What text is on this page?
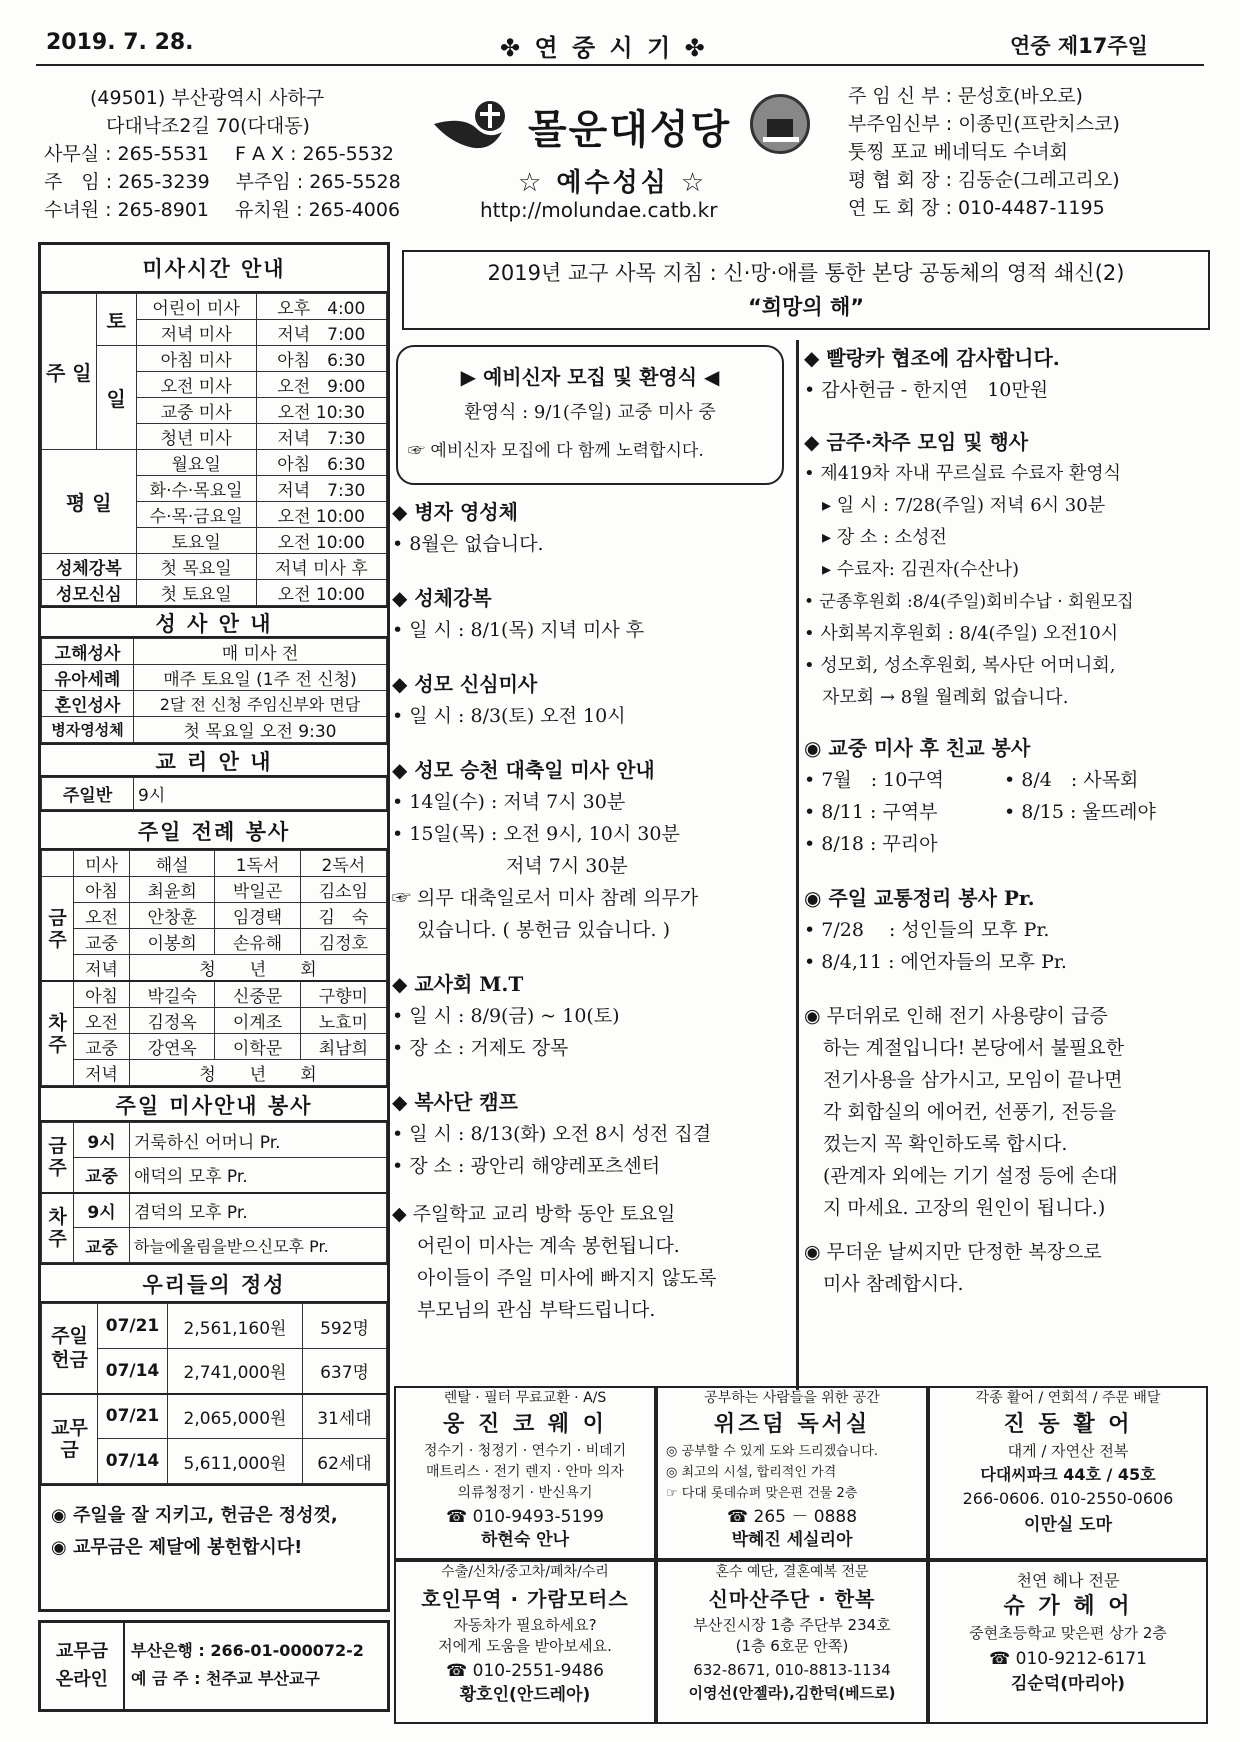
2019. 7. 28.	✤ 연 중 시 기 ✤	연중 제17주일
(49501) 부산광역시 사하구
다대낙조2길 70(다대동)
사무실 : 265-5531 F A X : 265-5532
주　임 : 265-3239 부주임 : 265-5528
수녀원 : 265-8901 유치원 : 265-4006
몰운대성당
☆ 예수성심 ☆
http://molundae.catb.kr
주 임 신 부 : 문성호(바오로)
부주임신부 : 이종민(프란치스코)
툿찡 포교 베네딕도 수녀회
평 협 회 장 : 김동순(그레고리오)
연 도 회 장 : 010-4487-1195
미사시간 안내
주 일	토	어린이 미사	오후　4:00
		저녁 미사	저녁　7:00
	일	아침 미사	아침　6:30
		오전 미사	오전　9:00
		교중 미사	오전 10:30
		청년 미사	저녁　7:30
평 일		월요일	아침　6:30
		화·수·목요일	저녁　7:30
		수·목·금요일	오전 10:00
		토요일	오전 10:00
성체강복		첫 목요일	저녁 미사 후
성모신심		첫 토요일	오전 10:00
성 사 안 내
고해성사	매 미사 전
유아세례	매주 토요일 (1주 전 신청)
혼인성사	2달 전 신청 주임신부와 면담
병자영성체	첫 목요일 오전 9:30
교 리 안 내
주일반	9시
주일 전례 봉사
	미사	해설	1독서	2독서
금주	아침	최윤희	박일곤	김소임
	오전	안창훈	임경택	김　숙
	교중	이봉희	손유해	김정호
	저녁	청　　년　　회		
차주	아침	박길숙	신중문	구향미
	오전	김정옥	이계조	노효미
	교중	강연옥	이학문	최남희
	저녁	청　　년　　회		
주일 미사안내 봉사
금주	9시	거룩하신 어머니 Pr.
	교중	애덕의 모후 Pr.
차주	9시	겸덕의 모후 Pr.
	교중	하늘에올림을받으신모후 Pr.
우리들의 정성
주일헌금	07/21	2,561,160원	592명
	07/14	2,741,000원	637명
교무금	07/21	2,065,000원	31세대
	07/14	5,611,000원	62세대
◉ 주일을 잘 지키고, 헌금은 정성껏,
◉ 교무금은 제달에 봉헌합시다!
교무금
온라인
부산은행 : 266-01-000072-2
예 금 주 : 천주교 부산교구
2019년 교구 사목 지침 : 신·망·애를 통한 본당 공동체의 영적 쇄신(2)
“희망의 해”
▶ 예비신자 모집 및 환영식 ◀
환영식 : 9/1(주일) 교중 미사 중
☞ 예비신자 모집에 다 함께 노력합시다.
◆ 병자 영성체
• 8월은 없습니다.
◆ 성체강복
• 일 시 : 8/1(목) 지녁 미사 후
◆ 성모 신심미사
• 일 시 : 8/3(토) 오전 10시
◆ 성모 승천 대축일 미사 안내
• 14일(수) : 저녁 7시 30분
• 15일(목) : 오전 9시, 10시 30분
　　　　　　저녁 7시 30분
☞ 의무 대축일로서 미사 참례 의무가
　 있습니다. ( 봉헌금 있습니다. )
◆ 교사회 M.T
• 일 시 : 8/9(금) ~ 10(토)
• 장 소 : 거제도 장목
◆ 복사단 캠프
• 일 시 : 8/13(화) 오전 8시 성전 집결
• 장 소 : 광안리 해양레포츠센터
◆ 주일학교 교리 방학 동안 토요일
　 어린이 미사는 계속 봉헌됩니다.
　 아이들이 주일 미사에 빠지지 않도록
　 부모님의 관심 부탁드립니다.
◆ 빨랑카 협조에 감사합니다.
• 감사헌금 - 한지연　10만원
◆ 금주·차주 모임 및 행사
• 제419차 자내 꾸르실료 수료자 환영식
　▸ 일 시 : 7/28(주일) 저녁 6시 30분
　▸ 장 소 : 소성전
　▸ 수료자: 김권자(수산나)
• 군종후원회 :8/4(주일)회비수납 · 회원모집
• 사회복지후원회 : 8/4(주일) 오전10시
• 성모회, 성소후원회, 복사단 어머니회,
　자모회 → 8월 월례회 없습니다.
◉ 교중 미사 후 친교 봉사
• 7월　: 10구역	• 8/4　: 사목회
• 8/11 : 구역부	• 8/15 : 울뜨레야
• 8/18 : 꾸리아
◉ 주일 교통정리 봉사 Pr.
• 7/28　 : 성인들의 모후 Pr.
• 8/4,11 : 에언자들의 모후 Pr.
◉ 무더위로 인해 전기 사용량이 급증
　하는 계절입니다! 본당에서 불필요한
　전기사용을 삼가시고, 모임이 끝나면
　각 회합실의 에어컨, 선풍기, 전등을
　껐는지 꼭 확인하도록 합시다.
　(관계자 외에는 기기 설정 등에 손대
　지 마세요. 고장의 원인이 됩니다.)
◉ 무더운 날씨지만 단정한 복장으로
　미사 참례합시다.
렌탈 · 필터 무료교환 · A/S
웅 진 코 웨 이
정수기 · 청정기 · 연수기 · 비데기
매트리스 · 전기 렌지 · 안마 의자
의류청정기 · 반신욕기
☎ 010-9493-5199
하현숙 안나
공부하는 사람들을 위한 공간
위즈덤 독서실
◎ 공부할 수 있게 도와 드리겠습니다.
◎ 최고의 시설, 합리적인 가격
☞ 다대 롯데슈퍼 맞은편 건물 2층
☎ 265 － 0888
박혜진 세실리아
각종 활어 / 연회석 / 주문 배달
진 동 활 어
대게 / 자연산 전복
다대씨파크 44호 / 45호
266-0606. 010-2550-0606
이만실 도마
수출/신차/중고차/폐차/수리
호인무역 · 가람모터스
자동차가 필요하세요?
저에게 도움을 받아보세요.
☎ 010-2551-9486
황호인(안드레아)
혼수 예단, 결혼예복 전문
신마산주단 · 한복
부산진시장 1층 주단부 234호
(1층 6호문 안쪽)
632-8671, 010-8813-1134
이영선(안젤라),김한덕(베드로)
천연 헤나 전문
슈 가 헤 어
중현초등학교 맞은편 상가 2층
☎ 010-9212-6171
김순덕(마리아)
